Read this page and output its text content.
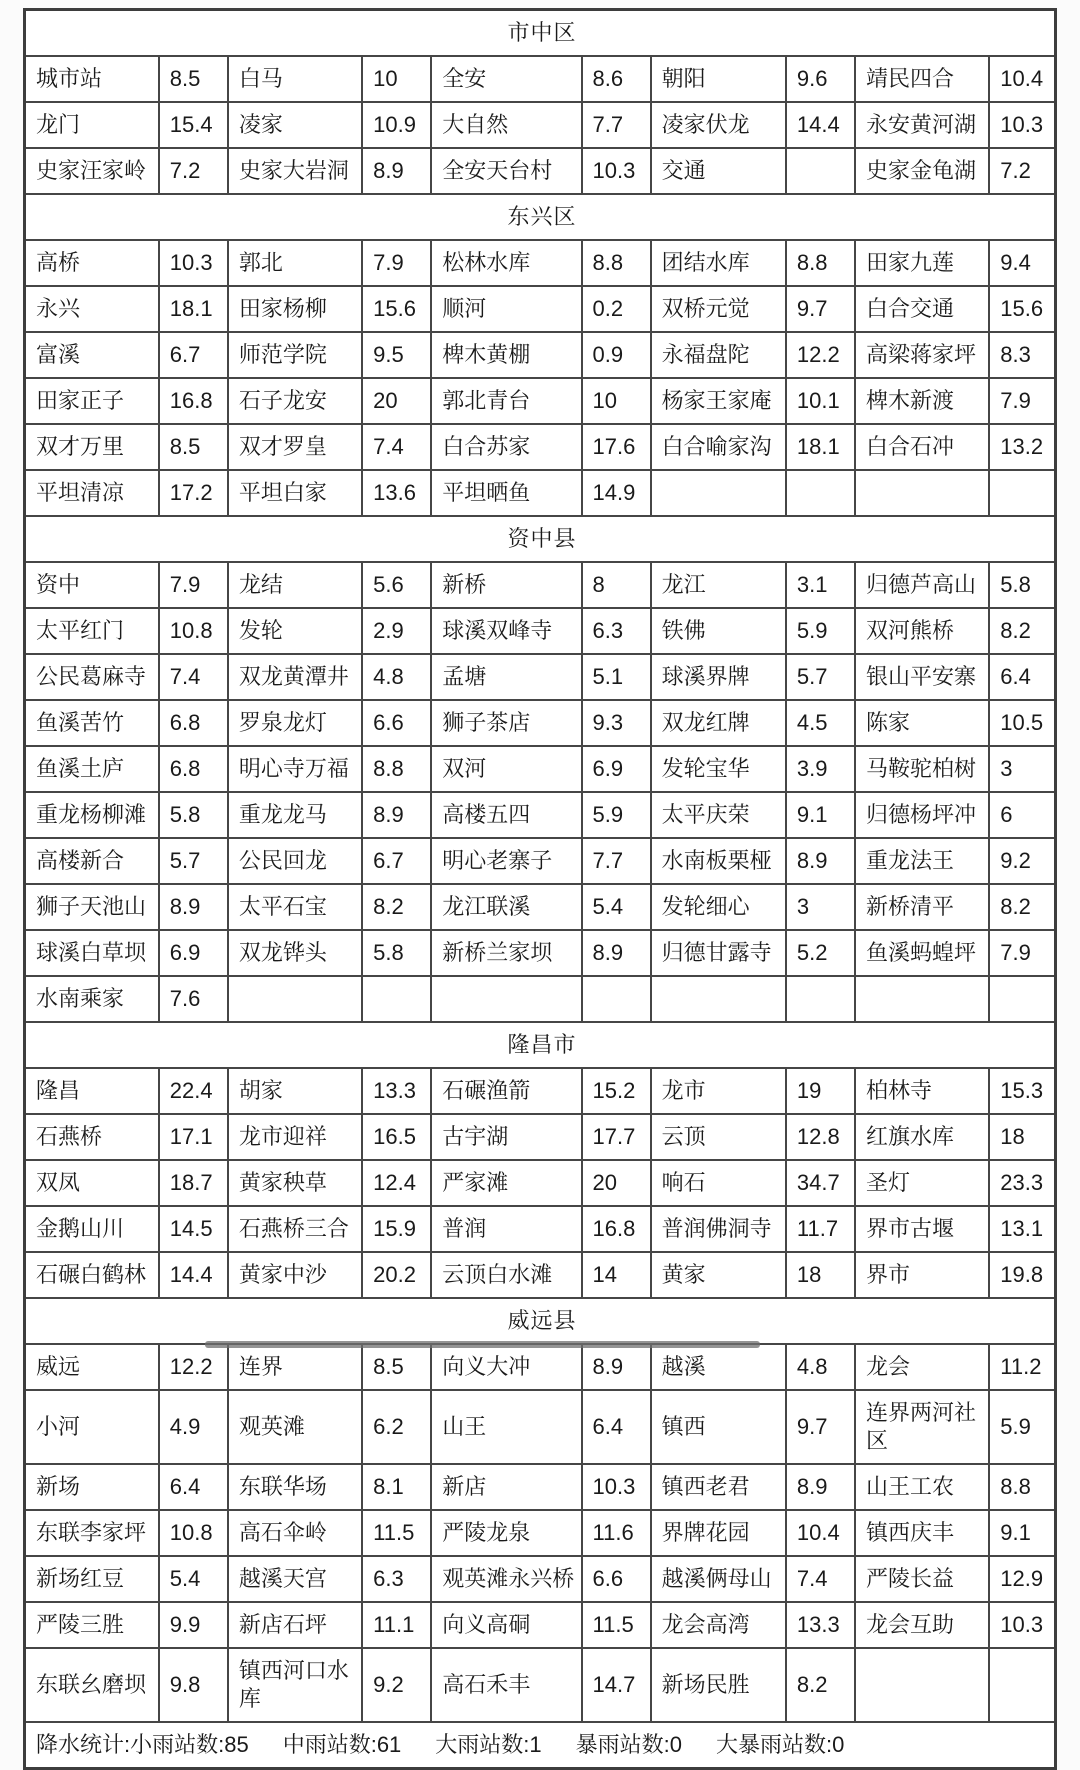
市中区									
城市站	8.5	白马	10	全安	8.6	朝阳	9.6	靖民四合	10.4
龙门	15.4	凌家	10.9	大自然	7.7	凌家伏龙	14.4	永安黄河湖	10.3
史家汪家岭	7.2	史家大岩洞	8.9	全安天台村	10.3	交通		史家金龟湖	7.2
东兴区									
高桥	10.3	郭北	7.9	松林水库	8.8	团结水库	8.8	田家九莲	9.4
永兴	18.1	田家杨柳	15.6	顺河	0.2	双桥元觉	9.7	白合交通	15.6
富溪	6.7	师范学院	9.5	椑木黄棚	0.9	永福盘陀	12.2	高梁蒋家坪	8.3
田家正子	16.8	石子龙安	20	郭北青台	10	杨家王家庵	10.1	椑木新渡	7.9
双才万里	8.5	双才罗皇	7.4	白合苏家	17.6	白合喻家沟	18.1	白合石冲	13.2
平坦清凉	17.2	平坦白家	13.6	平坦晒鱼	14.9				
资中县									
资中	7.9	龙结	5.6	新桥	8	龙江	3.1	归德芦高山	5.8
太平红门	10.8	发轮	2.9	球溪双峰寺	6.3	铁佛	5.9	双河熊桥	8.2
公民葛麻寺	7.4	双龙黄潭井	4.8	孟塘	5.1	球溪界牌	5.7	银山平安寨	6.4
鱼溪苦竹	6.8	罗泉龙灯	6.6	狮子茶店	9.3	双龙红牌	4.5	陈家	10.5
鱼溪土庐	6.8	明心寺万福	8.8	双河	6.9	发轮宝华	3.9	马鞍驼柏树	3
重龙杨柳滩	5.8	重龙龙马	8.9	高楼五四	5.9	太平庆荣	9.1	归德杨坪冲	6
高楼新合	5.7	公民回龙	6.7	明心老寨子	7.7	水南板栗桠	8.9	重龙法王	9.2
狮子天池山	8.9	太平石宝	8.2	龙江联溪	5.4	发轮细心	3	新桥清平	8.2
球溪白草坝	6.9	双龙铧头	5.8	新桥兰家坝	8.9	归德甘露寺	5.2	鱼溪蚂蝗坪	7.9
水南乘家	7.6								
隆昌市									
隆昌	22.4	胡家	13.3	石碾渔箭	15.2	龙市	19	柏林寺	15.3
石燕桥	17.1	龙市迎祥	16.5	古宇湖	17.7	云顶	12.8	红旗水库	18
双凤	18.7	黄家秧草	12.4	严家滩	20	响石	34.7	圣灯	23.3
金鹅山川	14.5	石燕桥三合	15.9	普润	16.8	普润佛洞寺	11.7	界市古堰	13.1
石碾白鹤林	14.4	黄家中沙	20.2	云顶白水滩	14	黄家	18	界市	19.8
威远县									
威远	12.2	连界	8.5	向义大冲	8.9	越溪	4.8	龙会	11.2
小河	4.9	观英滩	6.2	山王	6.4	镇西	9.7	连界两河社区	5.9
新场	6.4	东联华场	8.1	新店	10.3	镇西老君	8.9	山王工农	8.8
东联李家坪	10.8	高石伞岭	11.5	严陵龙泉	11.6	界牌花园	10.4	镇西庆丰	9.1
新场红豆	5.4	越溪天宫	6.3	观英滩永兴桥	6.6	越溪俩母山	7.4	严陵长益	12.9
严陵三胜	9.9	新店石坪	11.1	向义高硐	11.5	龙会高湾	13.3	龙会互助	10.3
东联幺磨坝	9.8	镇西河口水库	9.2	高石禾丰	14.7	新场民胜	8.2		
降水统计:小雨站数:85 中雨站数:61 大雨站数:1 暴雨站数:0 大暴雨站数:0									
